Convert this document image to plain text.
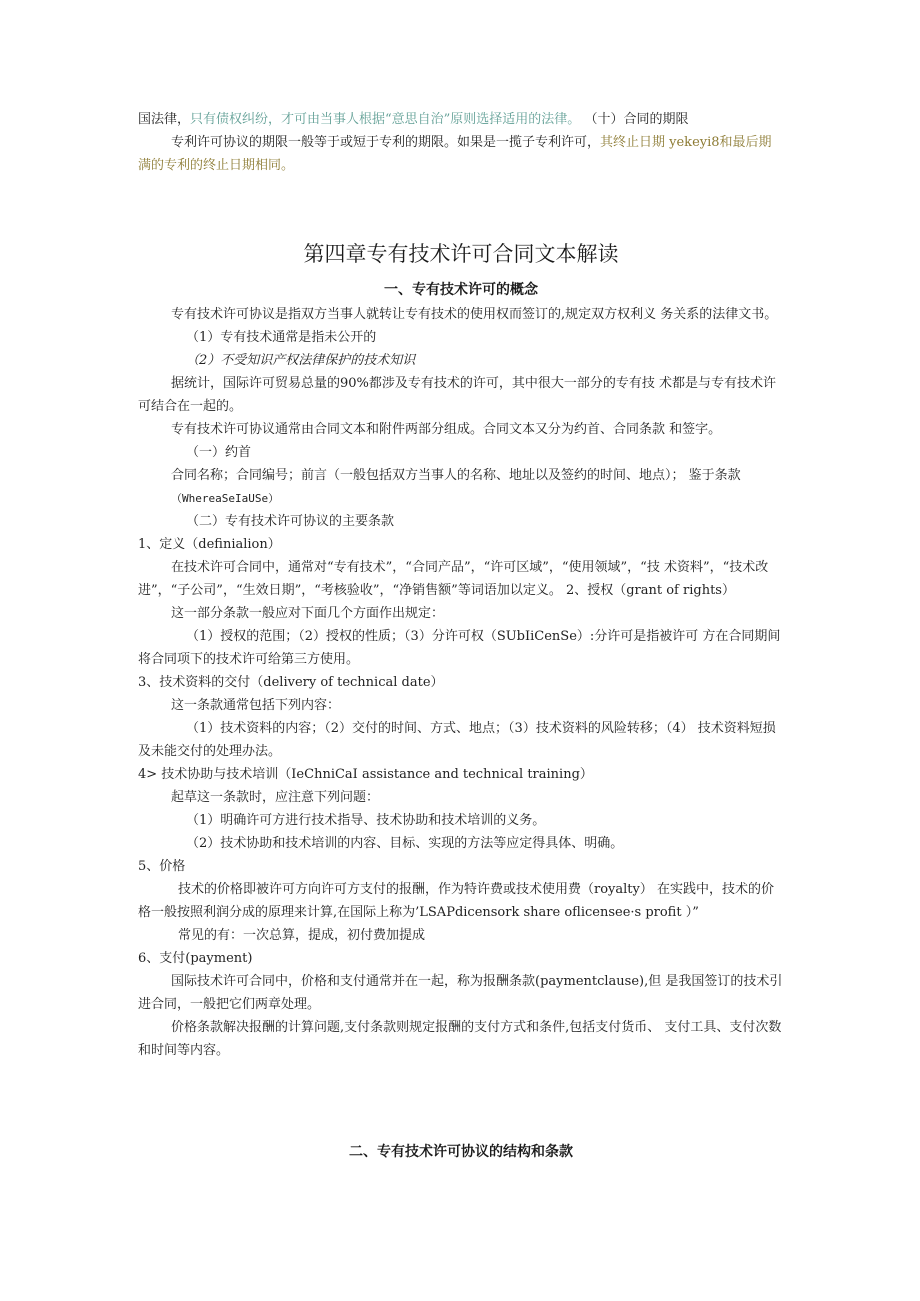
国法律，只有债权纠纷，才可由当事人根据“意思自治”原则选择适用的法律。 （十）合同的期限

专利许可协议的期限一般等于或短于专利的期限。如果是一揽子专利许可，其终止日期 yekeyi8和最后期满的专利的终止日期相同。

第四章专有技术许可合同文本解读
一、专有技术许可的概念

专有技术许可协议是指双方当事人就转让专有技术的使用权而签订的,规定双方权利义 务关系的法律文书。

（1）专有技术通常是指未公开的

（2）不受知识产权法律保护的技术知识

据统计，国际许可贸易总量的90%都涉及专有技术的许可，其中很大一部分的专有技 术都是与专有技术许可结合在一起的。

专有技术许可协议通常由合同文本和附件两部分组成。合同文本又分为约首、合同条款 和签字。

（一）约首

合同名称；合同编号；前言（一般包括双方当事人的名称、地址以及签约的时间、地点）； 鉴于条款

（WhereaSeIaUSe）

（二）专有技术许可协议的主要条款

1、定义（definialion）

在技术许可合同中，通常对“专有技术”，“合同产品”，“许可区域”，“使用领域”，“技 术资料”，“技术改进”，“子公司”，“生效日期”，“考核验收”，“净销售额”等词语加以定义。 2、授权（grant of rights）

这一部分条款一般应对下面几个方面作出规定：

（1）授权的范围；（2）授权的性质；（3）分许可权（SUbIiCenSe）:分许可是指被许可 方在合同期间将合同项下的技术许可给第三方使用。

3、技术资料的交付（delivery of technical date）

这一条款通常包括下列内容：

（1）技术资料的内容；（2）交付的时间、方式、地点；（3）技术资料的风险转移；（4） 技术资料短损及未能交付的处理办法。

4> 技术协助与技术培训（IeChniCaI assistance and technical training）

起草这一条款时，应注意下列问题：

（1）明确许可方进行技术指导、技术协助和技术培训的义务。

（2）技术协助和技术培训的内容、目标、实现的方法等应定得具体、明确。

5、价格

技术的价格即被许可方向许可方支付的报酬，作为特许费或技术使用费（royalty） 在实践中，技术的价格一般按照利润分成的原理来计算,在国际上称为’LSAPdicensork share oflicensee·s profit ）”

常见的有：一次总算，提成，初付费加提成

6、支付(payment)

国际技术许可合同中，价格和支付通常并在一起，称为报酬条款(paymentclause),但 是我国签订的技术引进合同，一般把它们两章处理。

价格条款解决报酬的计算问题,支付条款则规定报酬的支付方式和条件,包括支付货币、 支付工具、支付次数和时间等内容。

二、专有技术许可协议的结构和条款
